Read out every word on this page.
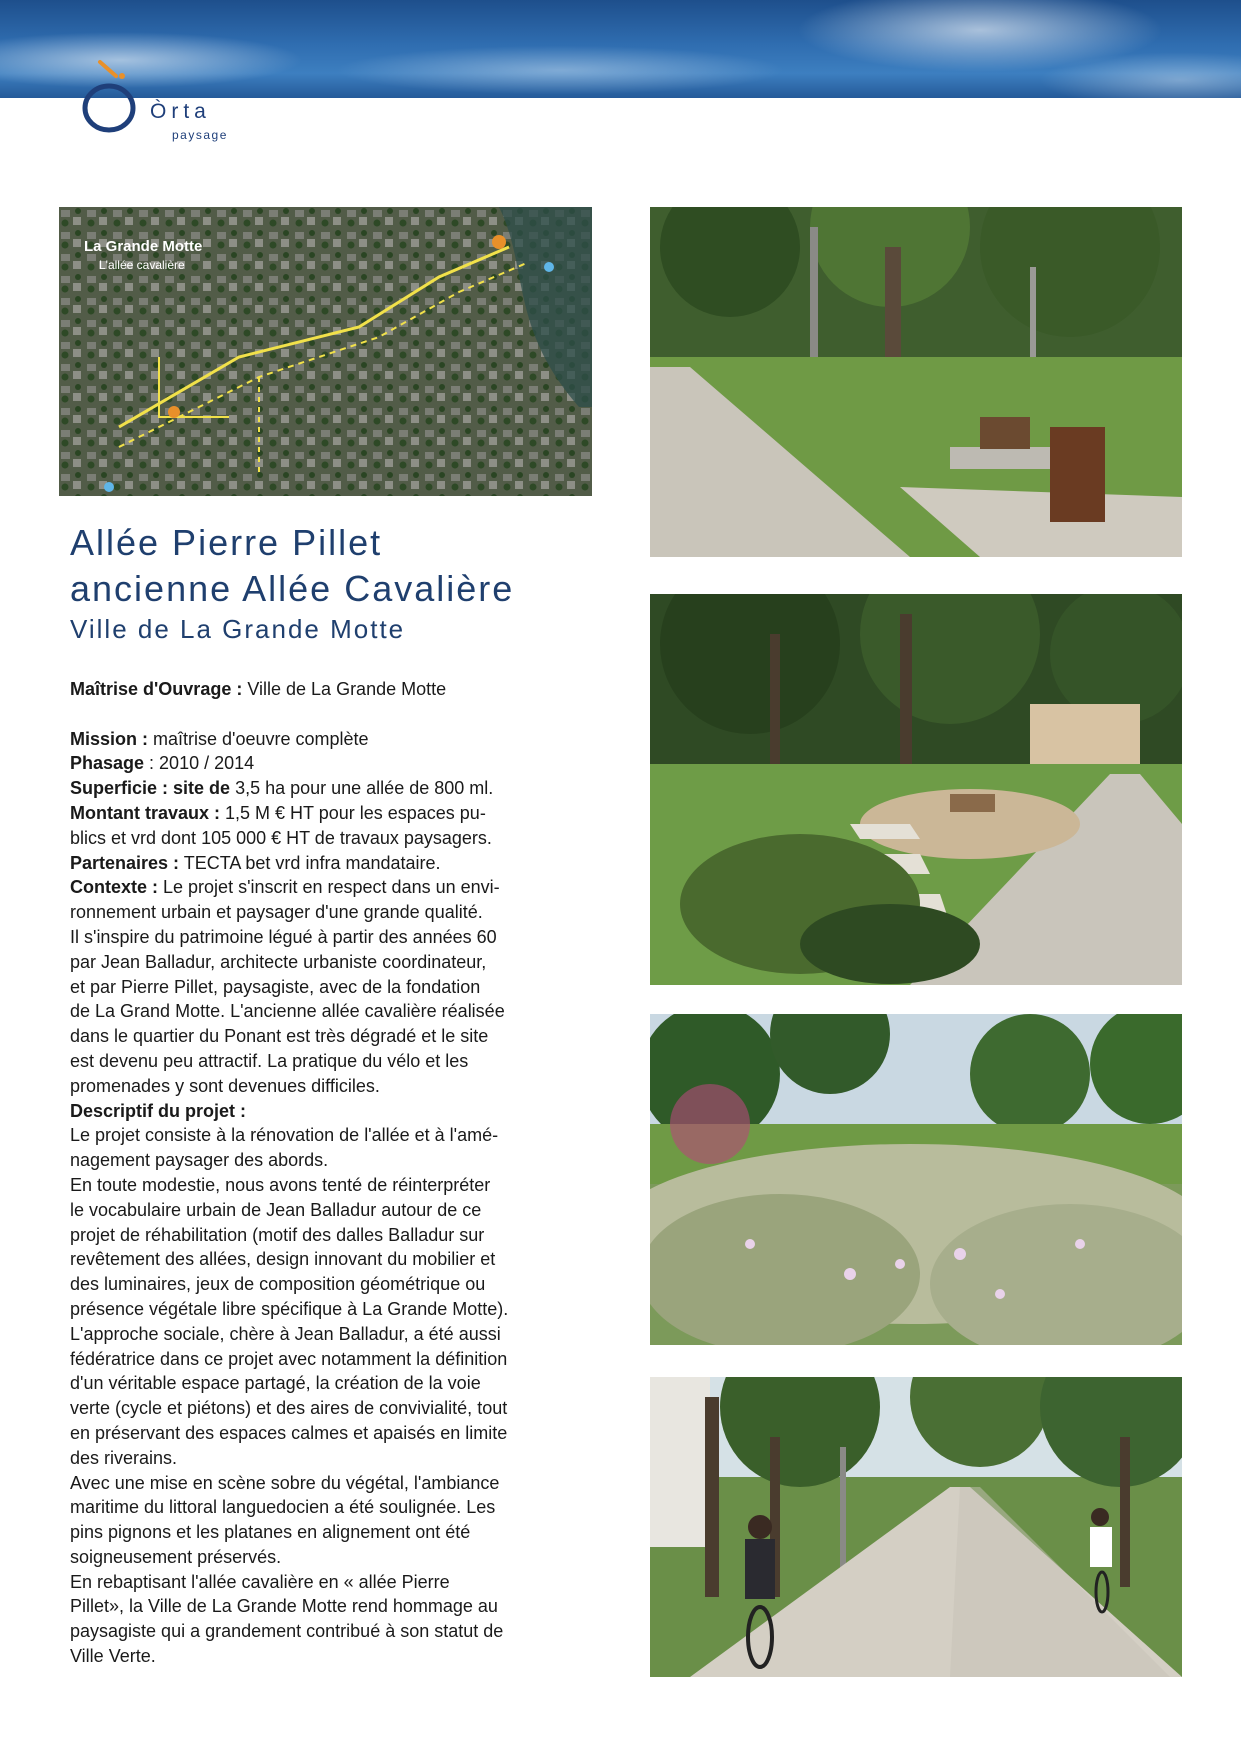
Òrta
paysage
La Grande Motte
L'allée cavalière
Allée Pierre Pillet
ancienne Allée Cavalière
Ville de La Grande Motte

Maîtrise d'Ouvrage : Ville de La Grande Motte

Mission : maîtrise d'oeuvre complète

Phasage : 2010 / 2014

Superficie : site de 3,5 ha pour une allée de 800 ml.

Montant travaux : 1,5 M € HT pour les espaces pu-

blics et vrd dont 105 000 € HT de travaux paysagers.

Partenaires : TECTA bet vrd infra mandataire.

Contexte : Le projet s'inscrit en respect dans un envi-

ronnement urbain et paysager d'une grande qualité.

Il s'inspire du patrimoine légué à partir des années 60

par Jean Balladur, architecte urbaniste coordinateur,

et par Pierre Pillet, paysagiste, avec de la fondation

de La Grand Motte. L'ancienne allée cavalière réalisée

dans le quartier du Ponant est très dégradé et le site

est devenu peu attractif. La pratique du vélo et les

promenades y sont devenues difficiles.

Descriptif du projet :

Le projet consiste à la rénovation de l'allée et à l'amé-

nagement paysager des abords.

En toute modestie, nous avons tenté de réinterpréter

le vocabulaire urbain de Jean Balladur autour de ce

projet de réhabilitation (motif des dalles Balladur sur

revêtement des allées, design innovant du mobilier et

des luminaires, jeux de composition géométrique ou

présence végétale libre spécifique à La Grande Motte).

L'approche sociale, chère à Jean Balladur, a été aussi

fédératrice dans ce projet avec notamment la définition

d'un véritable espace partagé, la création de la voie

verte (cycle et piétons) et des aires de convivialité, tout

en préservant des espaces calmes et apaisés en limite

des riverains.

Avec une mise en scène sobre du végétal, l'ambiance

maritime du littoral languedocien a été soulignée. Les

pins pignons et les platanes en alignement ont été

soigneusement préservés.

En rebaptisant l'allée cavalière en « allée Pierre

Pillet», la Ville de La Grande Motte rend hommage au

paysagiste qui a grandement contribué à son statut de

Ville Verte.
